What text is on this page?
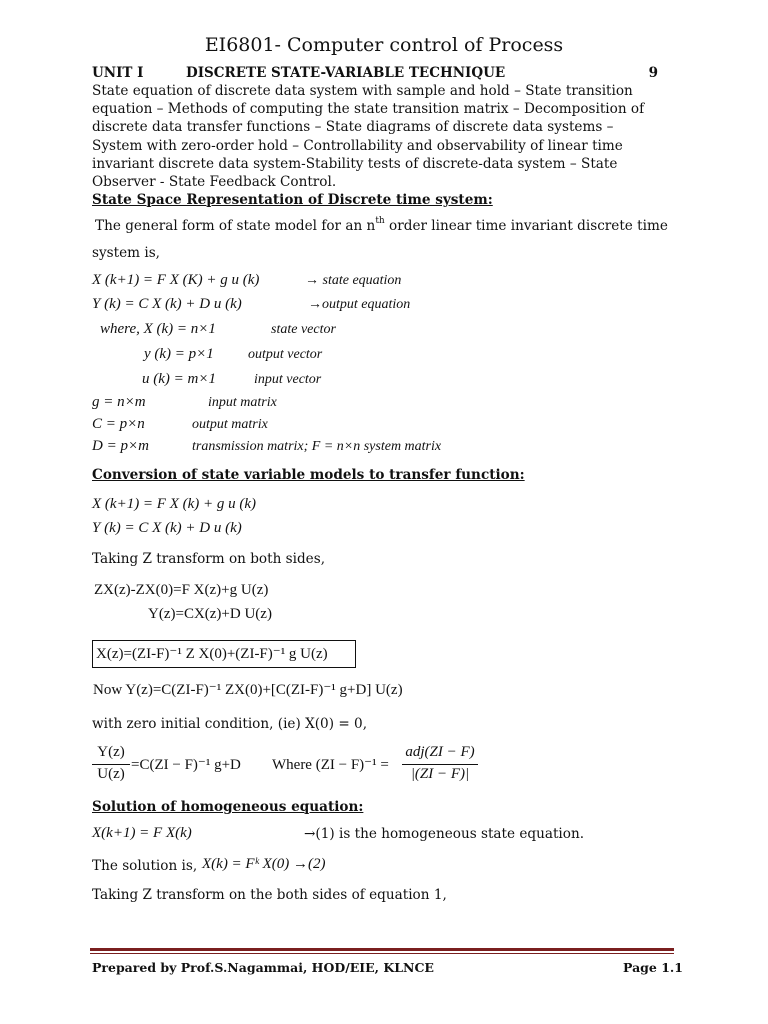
EI6801- Computer control of Process
UNIT I	DISCRETE STATE-VARIABLE TECHNIQUE	9
State equation of discrete data system with sample and hold – State transition equation – Methods of computing the state transition matrix – Decomposition of discrete data transfer functions – State diagrams of discrete data systems – System with zero-order hold – Controllability and observability of linear time invariant discrete data system-Stability tests of discrete-data system – State Observer - State Feedback Control.
State Space Representation of Discrete time system:
The general form of state model for an $n^{th}$ order linear time invariant discrete time
system is,
X (k+1) = F X (K) + g u (k)	→ state equation
Y (k) = C X (k) + D u (k)	→output equation
where, X (k) = n×1	state vector
y (k) = p×1 output vector
u (k) = m×1	input vector
g = n×m	input matrix
C = p×n	output matrix
D = p×m	transmission matrix; F = n×n system matrix
Conversion of state variable models to transfer function:
X (k+1) = F X (k) + g u (k)
Y (k) = C X (k) + D u (k)
Taking Z transform on both sides,
ZX(z)-ZX(0)=F X(z)+g U(z)
Y(z)=CX(z)+D U(z)
X(z)=(ZI-F)⁻¹ Z X(0)+(ZI-F)⁻¹ g U(z)
Now Y(z)=C(ZI-F)⁻¹ ZX(0)+[C(ZI-F)⁻¹ g+D] U(z)
with zero initial condition, (ie) X(0) = 0,
Y(z)
U(z)
=C(ZI − F)⁻¹ g+D Where (ZI − F)⁻¹ =
adj(ZI − F)
|(ZI − F)|
Solution of homogeneous equation:
X(k+1) = F X(k)	→(1) is the homogeneous state equation.
The solution is, X(k) = Fᵏ X(0) →(2)
Taking Z transform on the both sides of equation 1,
Prepared by Prof.S.Nagammai, HOD/EIE, KLNCE	Page 1.1
